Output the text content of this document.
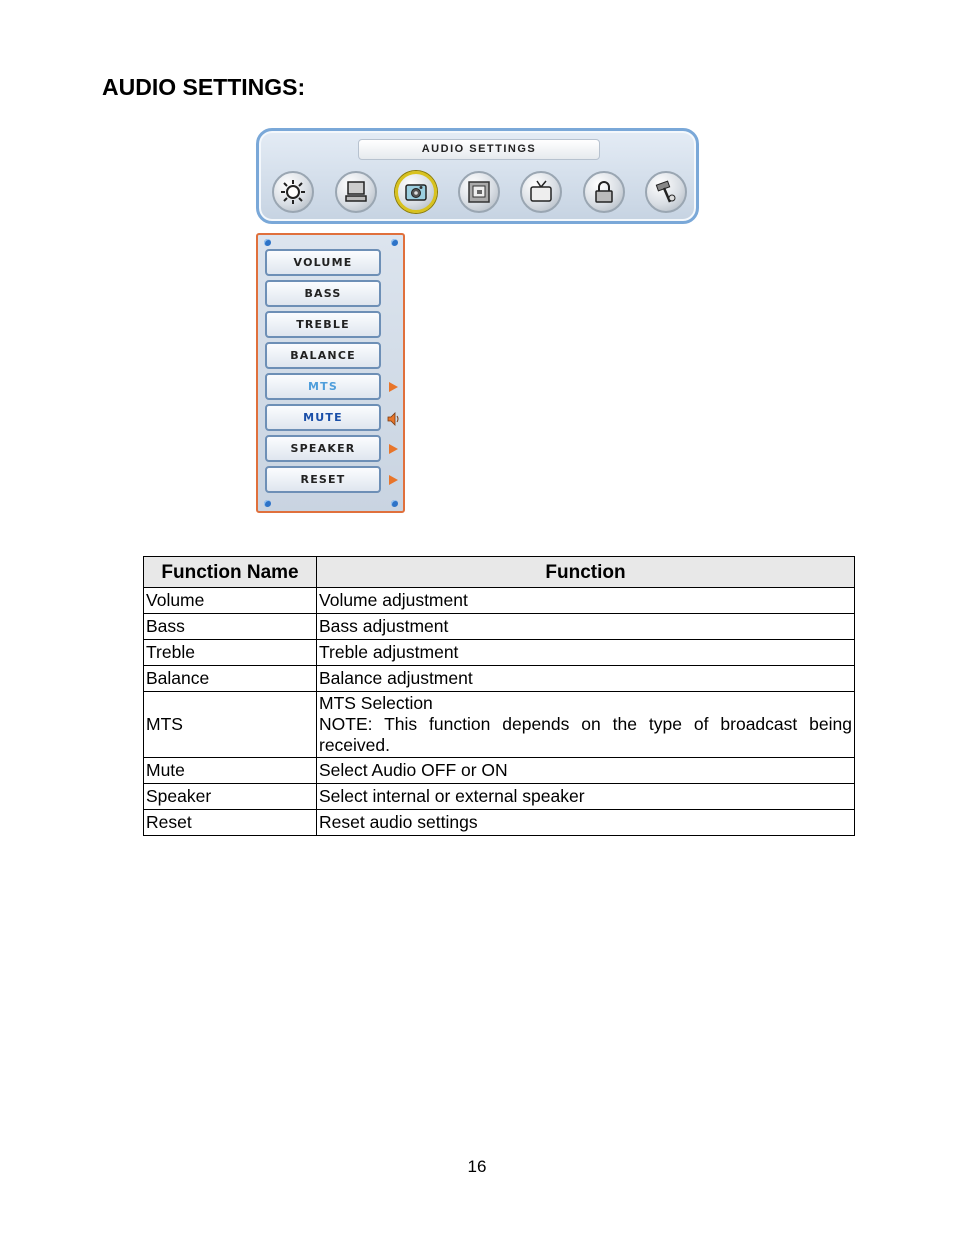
AUDIO SETTINGS:
AUDIO SETTINGS
VOLUME
BASS
TREBLE
BALANCE
MTS
MUTE
SPEAKER
RESET
Function Name	Function
Volume	Volume adjustment
Bass	Bass adjustment
Treble	Treble adjustment
Balance	Balance adjustment
MTS	MTS Selection
NOTE: This function depends on the type of broadcast being
received.

Mute	Select Audio OFF or ON
Speaker	Select internal or external speaker
Reset	Reset audio settings
16
